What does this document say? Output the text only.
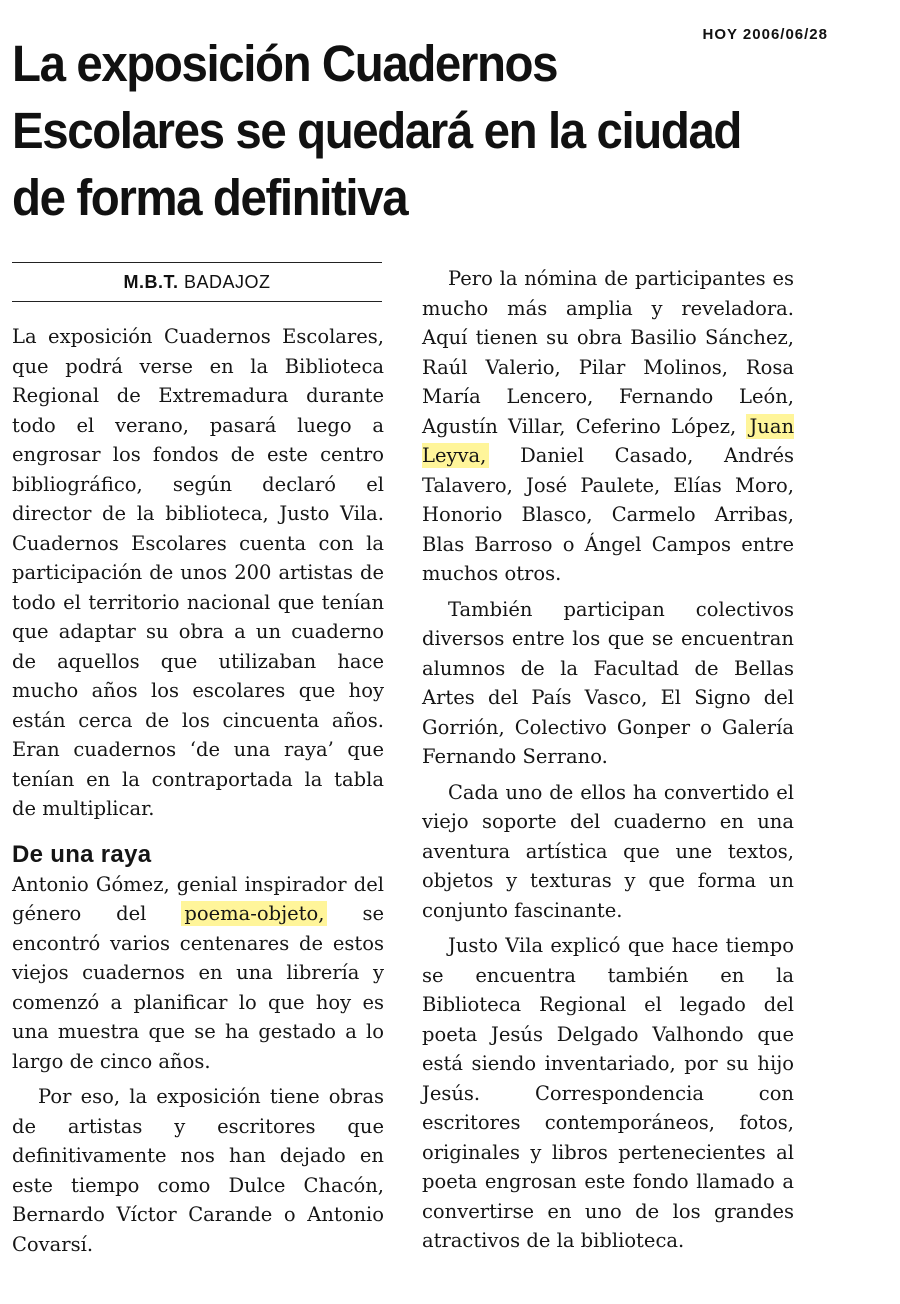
HOY 2006/06/28
La exposición Cuadernos Escolares se quedará en la ciudad de forma definitiva
M.B.T. BADAJOZ

La exposición Cuadernos Escolares, que podrá verse en la Biblioteca Regional de Extremadura durante todo el verano, pasará luego a engrosar los fondos de este centro bibliográfico, según declaró el director de la biblioteca, Justo Vila. Cuadernos Escolares cuenta con la participación de unos 200 artistas de todo el territorio nacional que tenían que adaptar su obra a un cuaderno de aquellos que utilizaban hace mucho años los escolares que hoy están cerca de los cincuenta años. Eran cuadernos ‘de una raya’ que tenían en la contraportada la tabla de multiplicar.

De una raya

Antonio Gómez, genial inspirador del género del poema-objeto, se encontró varios centenares de estos viejos cuadernos en una librería y comenzó a planificar lo que hoy es una muestra que se ha gestado a lo largo de cinco años.

Por eso, la exposición tiene obras de artistas y escritores que definitivamente nos han dejado en este tiempo como Dulce Chacón, Bernardo Víctor Carande o Antonio Covarsí.

Pero la nómina de participantes es mucho más amplia y reveladora. Aquí tienen su obra Basilio Sánchez, Raúl Valerio, Pilar Molinos, Rosa María Lencero, Fernando León, Agustín Villar, Ceferino López, Juan Leyva, Daniel Casado, Andrés Talavero, José Paulete, Elías Moro, Honorio Blasco, Carmelo Arribas, Blas Barroso o Ángel Campos entre muchos otros.

También participan colectivos diversos entre los que se encuentran alumnos de la Facultad de Bellas Artes del País Vasco, El Signo del Gorrión, Colectivo Gonper o Galería Fernando Serrano.

Cada uno de ellos ha convertido el viejo soporte del cuaderno en una aventura artística que une textos, objetos y texturas y que forma un conjunto fascinante.

Justo Vila explicó que hace tiempo se encuentra también en la Biblioteca Regional el legado del poeta Jesús Delgado Valhondo que está siendo inventariado, por su hijo Jesús. Correspondencia con escritores contemporáneos, fotos, originales y libros pertenecientes al poeta engrosan este fondo llamado a convertirse en uno de los grandes atractivos de la biblioteca.
